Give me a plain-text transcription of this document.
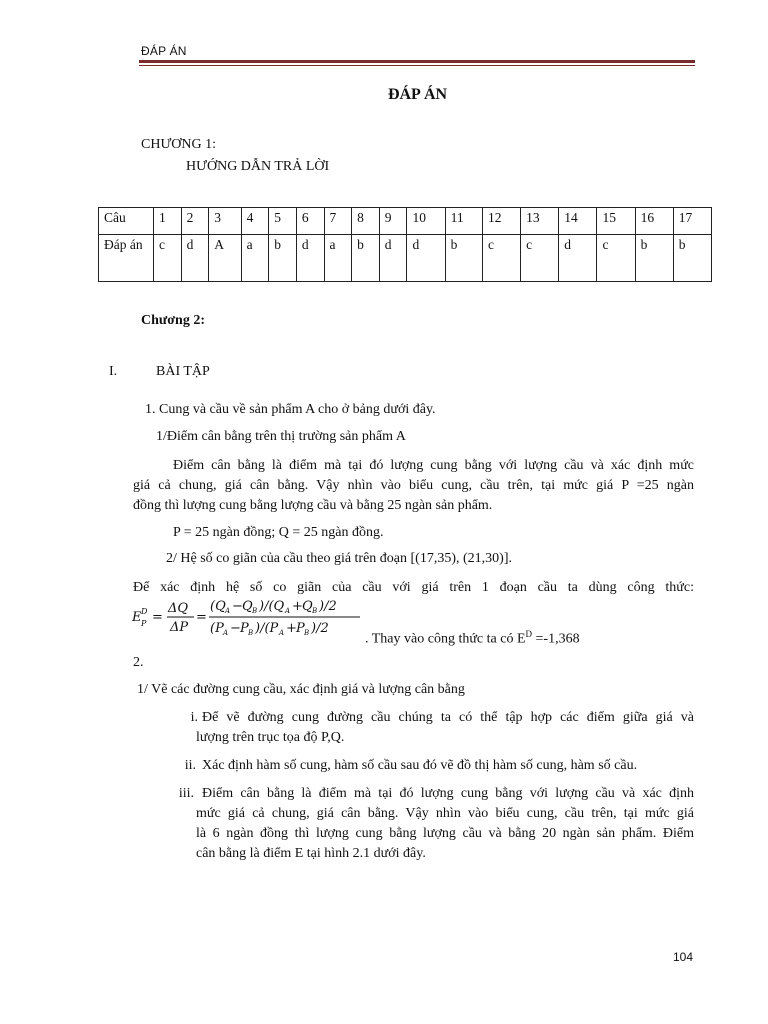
ĐÁP ÁN
ĐÁP ÁN
CHƯƠNG 1:
HƯỚNG DẪN TRẢ LỜI
Câu	1	2	3	4	5	6	7	8	9	10	11	12	13	14	15	16	17
Đáp án	c	d	A	a	b	d	a	b	d	d	b	c	c	d	c	b	b
Chương 2:
I.	BÀI TẬP
1. Cung và cầu về sản phẩm A cho ở bảng dưới đây.
1/Điểm cân bằng trên thị trường sản phẩm A
Điểm cân bằng là điểm mà tại đó lượng cung bằng với lượng cầu và xác định mức
giá cả chung, giá cân bằng. Vậy nhìn vào biểu cung, cầu trên, tại mức giá P =25 ngàn
đồng thì lượng cung bằng lượng cầu và bằng 25 ngàn sản phẩm.
P = 25 ngàn đồng; Q = 25 ngàn đồng.
2/ Hệ số co giãn của cầu theo giá trên đoạn [(17,35), (21,30)].
Để xác định hệ số co giãn của cầu với giá trên 1 đoạn cầu ta dùng công thức:
E D
P =
ΔQ
ΔP
=
(Q A − Q B )/(Q A + Q B )/2
(P A − P B )/(P A + P B )/2
. Thay vào công thức ta có $E^D =-1,368$
2.
1/ Vẽ các đường cung cầu, xác định giá và lượng cân bằng
i. Để vẽ đường cung đường cầu chúng ta có thể tập hợp các điểm giữa giá và
lượng trên trục tọa độ P,Q.
ii. Xác định hàm số cung, hàm số cầu sau đó vẽ đồ thị hàm số cung, hàm số cầu.
iii. Điểm cân bằng là điểm mà tại đó lượng cung bằng với lượng cầu và xác định
mức giá cả chung, giá cân bằng. Vậy nhìn vào biểu cung, cầu trên, tại mức giá
là 6 ngàn đồng thì lượng cung bằng lượng cầu và bằng 20 ngàn sản phẩm. Điểm
cân bằng là điểm E tại hình 2.1 dưới đây.
104
